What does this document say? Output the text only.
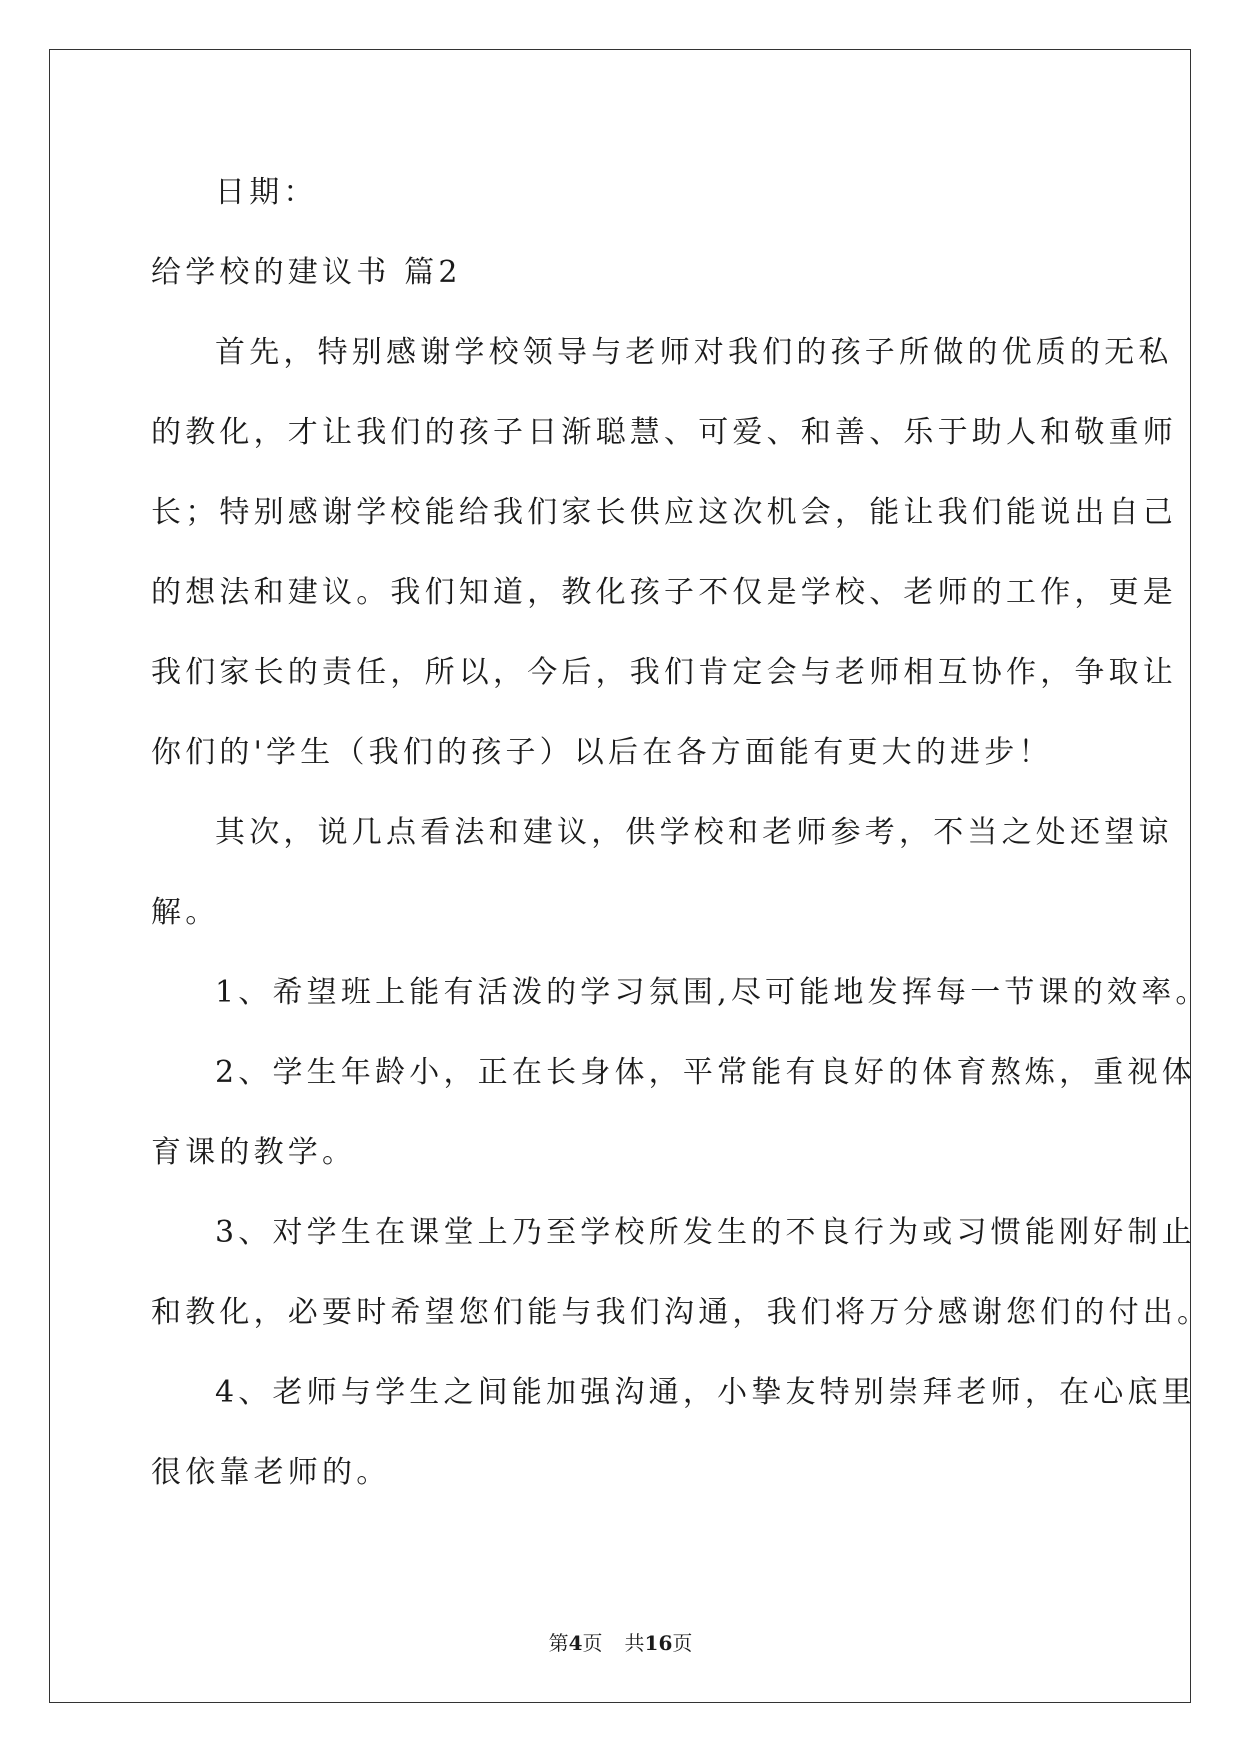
日期：
给学校的建议书 篇2
首先，特别感谢学校领导与老师对我们的孩子所做的优质的无私
的教化，才让我们的孩子日渐聪慧、可爱、和善、乐于助人和敬重师
长；特别感谢学校能给我们家长供应这次机会，能让我们能说出自己
的想法和建议。我们知道，教化孩子不仅是学校、老师的工作，更是
我们家长的责任，所以，今后，我们肯定会与老师相互协作，争取让
你们的'学生（我们的孩子）以后在各方面能有更大的进步！
其次，说几点看法和建议，供学校和老师参考，不当之处还望谅
解。
1、希望班上能有活泼的学习氛围,尽可能地发挥每一节课的效率。
2、学生年龄小，正在长身体，平常能有良好的体育熬炼，重视体
育课的教学。
3、对学生在课堂上乃至学校所发生的不良行为或习惯能刚好制止
和教化，必要时希望您们能与我们沟通，我们将万分感谢您们的付出。
4、老师与学生之间能加强沟通，小挚友特别崇拜老师，在心底里
很依靠老师的。
第4页 共16页
